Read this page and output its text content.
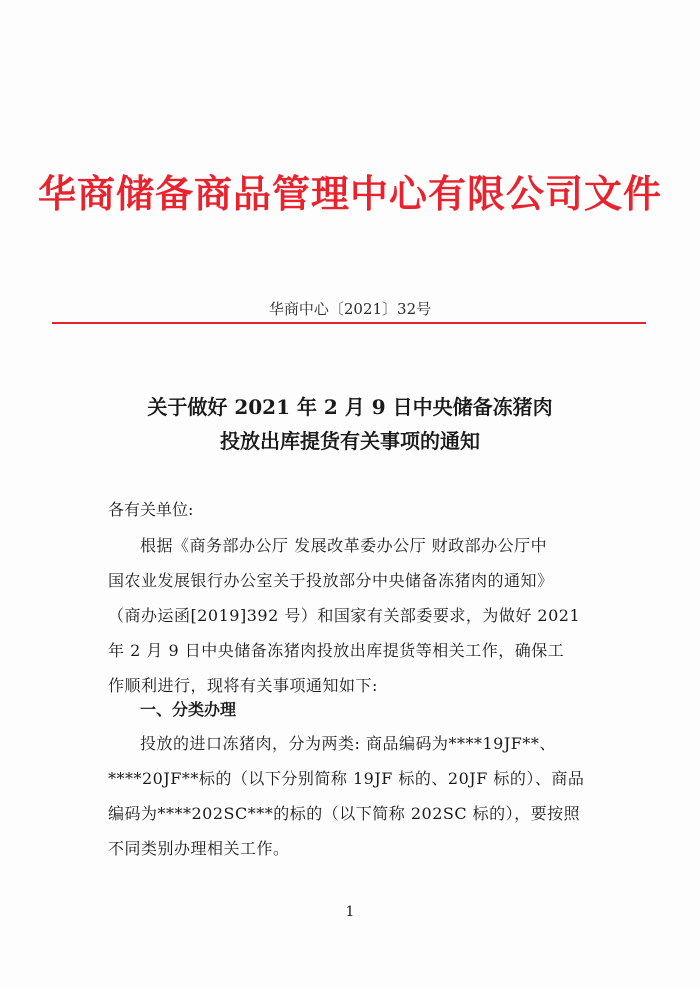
华商储备商品管理中心有限公司文件
华商中心〔2021〕32号
关于做好 2021 年 2 月 9 日中央储备冻猪肉
投放出库提货有关事项的通知
各有关单位:
根据《商务部办公厅 发展改革委办公厅 财政部办公厅中
国农业发展银行办公室关于投放部分中央储备冻猪肉的通知》
（商办运函[2019]392 号）和国家有关部委要求，为做好 2021
年 2 月 9 日中央储备冻猪肉投放出库提货等相关工作，确保工
作顺利进行，现将有关事项通知如下:
一、分类办理
投放的进口冻猪肉，分为两类: 商品编码为****19JF**、
****20JF**标的（以下分别简称 19JF 标的、20JF 标的）、商品
编码为****202SC***的标的（以下简称 202SC 标的），要按照
不同类别办理相关工作。
1
